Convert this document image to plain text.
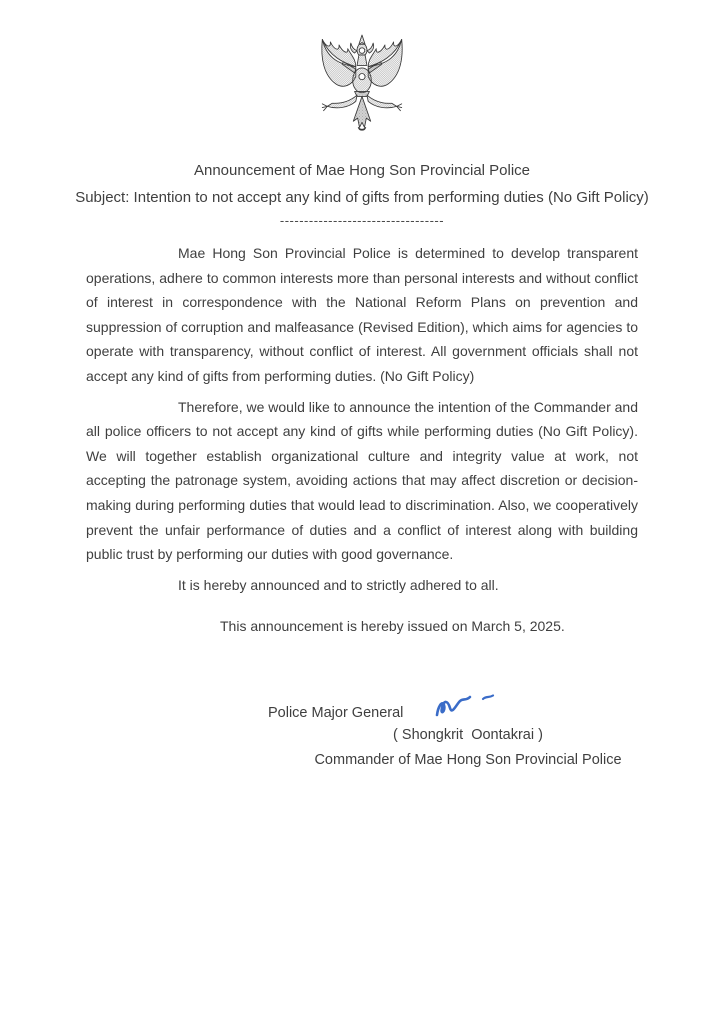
Announcement of Mae Hong Son Provincial Police
Subject: Intention to not accept any kind of gifts from performing duties (No Gift Policy)
----------------------------------

Mae Hong Son Provincial Police is determined to develop transparent operations, adhere to common interests more than personal interests and without conflict of interest in correspondence with the National Reform Plans on prevention and suppression of corruption and malfeasance (Revised Edition), which aims for agencies to operate with transparency, without conflict of interest. All government officials shall not accept any kind of gifts from performing duties. (No Gift Policy)

Therefore, we would like to announce the intention of the Commander and all police officers to not accept any kind of gifts while performing duties (No Gift Policy). We will together establish organizational culture and integrity value at work, not accepting the patronage system, avoiding actions that may affect discretion or decision-making during performing duties that would lead to discrimination. Also, we cooperatively prevent the unfair performance of duties and a conflict of interest along with building public trust by performing our duties with good governance.

It is hereby announced and to strictly adhered to all.

This announcement is hereby issued on March 5, 2025.

Police Major General
( Shongkrit  Oontakrai )
Commander of Mae Hong Son Provincial Police
